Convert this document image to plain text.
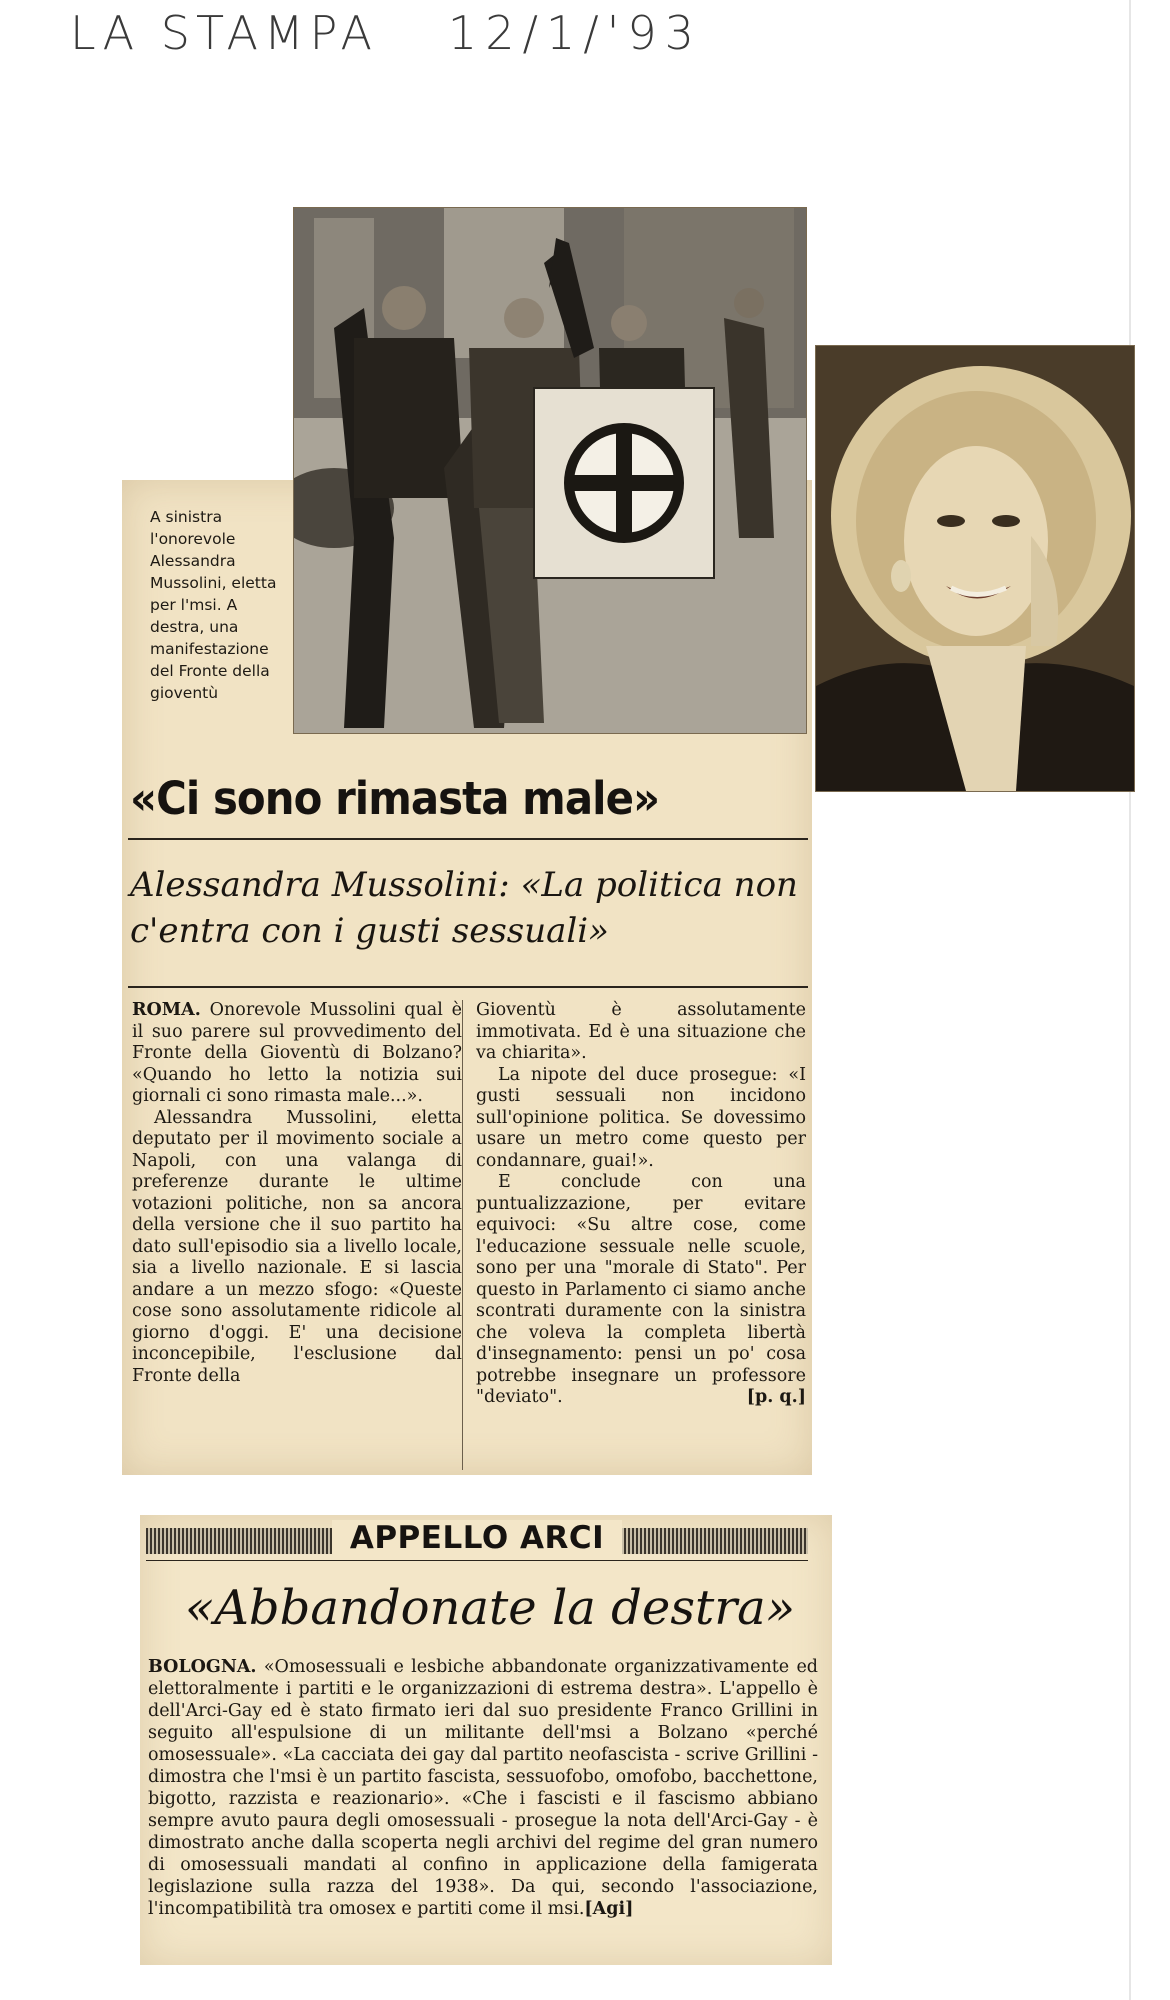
LA STAMPA 12/1/'93
A sinistra l'onorevole Alessandra Mussolini, eletta per l'msi. A destra, una manifestazione del Fronte della gioventù
«Ci sono rimasta male»
Alessandra Mussolini: «La politica non c'entra con i gusti sessuali»

ROMA. Onorevole Mussolini qual è il suo parere sul provvedimento del Fronte della Gioventù di Bolzano? «Quando ho letto la notizia sui giornali ci sono rimasta male...».

Alessandra Mussolini, eletta deputato per il movimento sociale a Napoli, con una valanga di preferenze durante le ultime votazioni politiche, non sa ancora della versione che il suo partito ha dato sull'episodio sia a livello locale, sia a livello nazionale. E si lascia andare a un mezzo sfogo: «Queste cose sono assolutamente ridicole al giorno d'oggi. E' una decisione inconcepibile, l'esclusione dal Fronte della

Gioventù è assolutamente immotivata. Ed è una situazione che va chiarita».

La nipote del duce prosegue: «I gusti sessuali non incidono sull'opinione politica. Se dovessimo usare un metro come questo per condannare, guai!».

E conclude con una puntualizzazione, per evitare equivoci: «Su altre cose, come l'educazione sessuale nelle scuole, sono per una "morale di Stato". Per questo in Parlamento ci siamo anche scontrati duramente con la sinistra che voleva la completa libertà d'insegnamento: pensi un po' cosa potrebbe insegnare un professore "deviato".	[p. q.]

APPELLO ARCI
«Abbandonate la destra»
BOLOGNA. «Omosessuali e lesbiche abbandonate organizzativamente ed elettoralmente i partiti e le organizzazioni di estrema destra». L'appello è dell'Arci-Gay ed è stato firmato ieri dal suo presidente Franco Grillini in seguito all'espulsione di un militante dell'msi a Bolzano «perché omosessuale». «La cacciata dei gay dal partito neofascista - scrive Grillini - dimostra che l'msi è un partito fascista, sessuofobo, omofobo, bacchettone, bigotto, razzista e reazionario». «Che i fascisti e il fascismo abbiano sempre avuto paura degli omosessuali - prosegue la nota dell'Arci-Gay - è dimostrato anche dalla scoperta negli archivi del regime del gran numero di omosessuali mandati al confino in applicazione della famigerata legislazione sulla razza del 1938». Da qui, secondo l'associazione, l'incompatibilità tra omosex e partiti come il msi.[Agi]
